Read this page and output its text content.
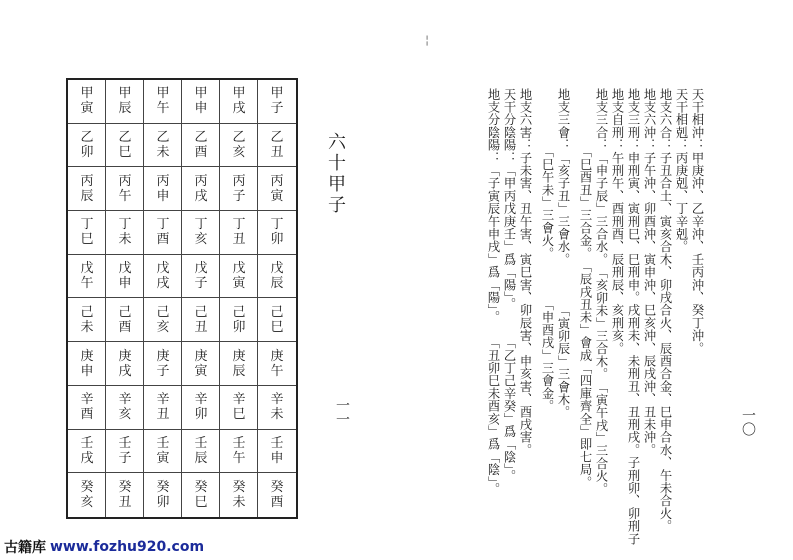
甲
子
乙
丑
丙
寅
丁
卯
戊
辰
己
巳
庚
午
辛
未
壬
申
癸
酉
甲
戌
乙
亥
丙
子
丁
丑
戊
寅
己
卯
庚
辰
辛
巳
壬
午
癸
未
甲
申
乙
酉
丙
戌
丁
亥
戊
子
己
丑
庚
寅
辛
卯
壬
辰
癸
巳
甲
午
乙
未
丙
申
丁
酉
戊
戌
己
亥
庚
子
辛
丑
壬
寅
癸
卯
甲
辰
乙
巳
丙
午
丁
未
戊
申
己
酉
庚
戌
辛
亥
壬
子
癸
丑
甲
寅
乙
卯
丙
辰
丁
巳
戊
午
己
未
庚
申
辛
酉
壬
戌
癸
亥
六十甲子
一一	一〇
╎
天干相沖：甲庚沖、乙辛沖、壬丙沖、癸丁沖。
天干相剋：丙庚剋、丁辛剋。
地支六合：子丑合土、寅亥合木、卯戌合火、辰酉合金、巳申合水、午未合火。
地支六沖：子午沖、卯酉沖、寅申沖、巳亥沖、辰戌沖、丑未沖。
地支三刑：申刑寅、寅刑巳、巳刑申。戌刑未、未刑丑、丑刑戌。子刑卯、卯刑子
地支自刑：午刑午、酉刑酉、辰刑辰、亥刑亥。
地支三合：「申子辰」三合水。　「亥卯未」三合木。　「寅午戌」三合火。
　　　　　「巳酉丑」三合金。　「辰戌丑未」會成「四庫齊全」即七局。
地支三會：「亥子丑」三會水。　　　　「寅卯辰」三會木。
　　　　　「巳午未」三會火。　　　　「申酉戌」三會金。
地支六害：子未害、丑午害、寅巳害、卯辰害、申亥害、酉戌害。
天干分陰陽：「甲丙戊庚壬」爲「陽」。　　　「乙丁己辛癸」爲「陰」。
地支分陰陽：「子寅辰午申戌」爲「陽」。　　「丑卯巳未酉亥」爲「陰」。
古籍库 www.fozhu920.com
